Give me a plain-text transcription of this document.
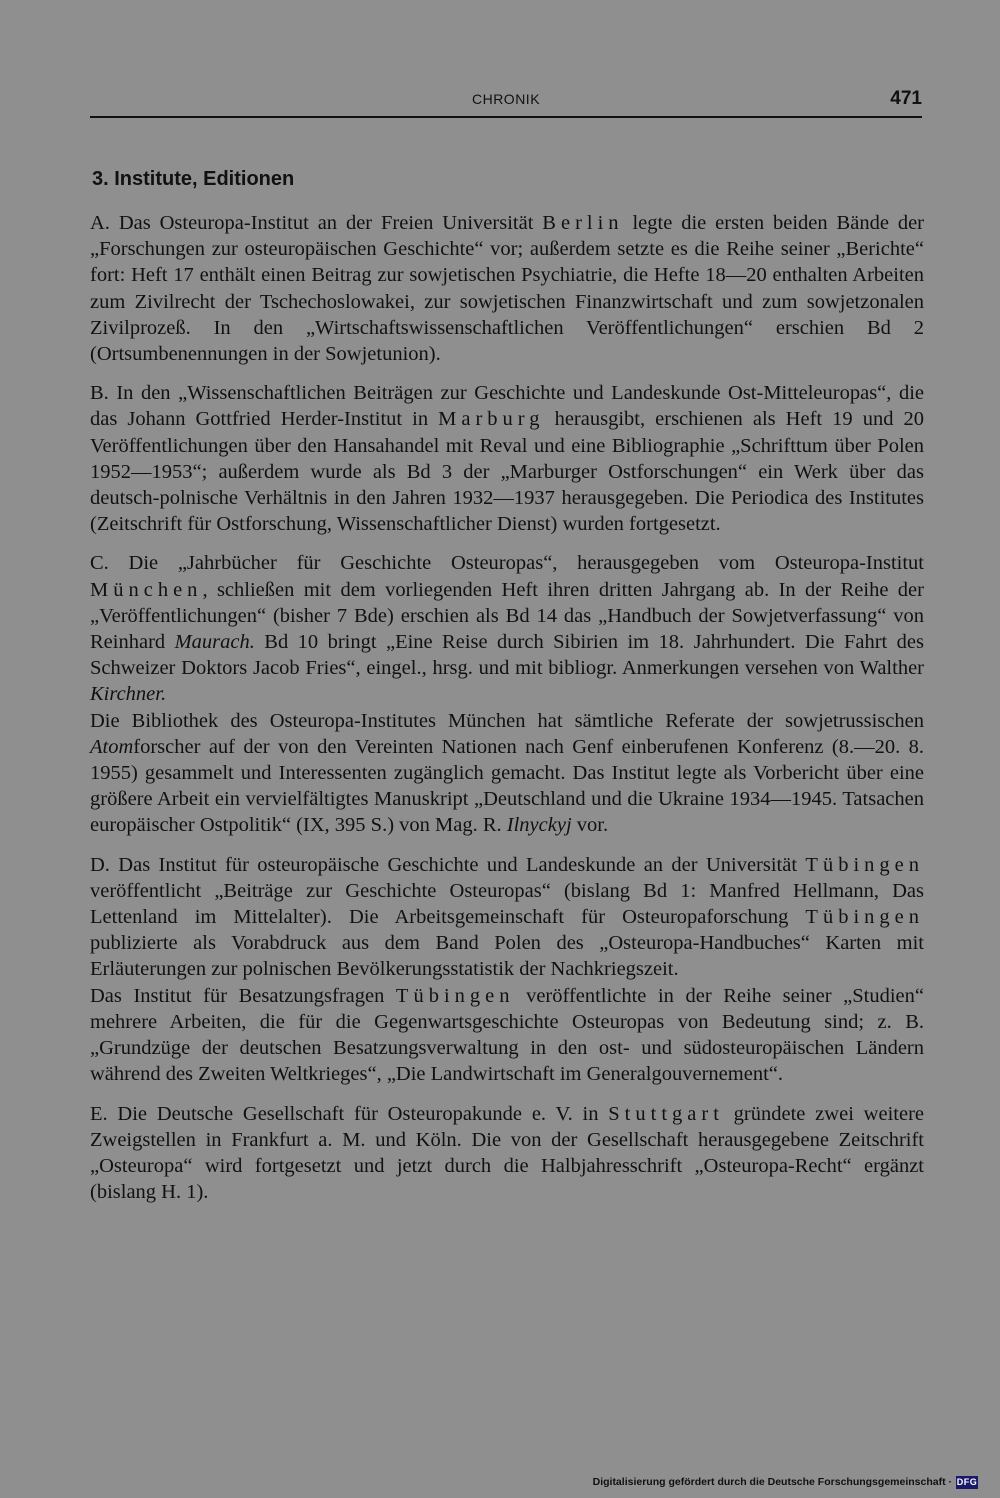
CHRONIK	471
3. Institute, Editionen

A. Das Osteuropa-Institut an der Freien Universität Berlin legte die ersten beiden Bände der „Forschungen zur osteuropäischen Geschichte“ vor; außerdem setzte es die Reihe seiner „Berichte“ fort: Heft 17 enthält einen Beitrag zur sowjetischen Psychiatrie, die Hefte 18—20 enthalten Arbeiten zum Zivilrecht der Tschechoslowakei, zur sowjetischen Finanzwirtschaft und zum sowjetzonalen Zivilprozeß. In den „Wirtschaftswissenschaftlichen Veröffentlichungen“ erschien Bd 2 (Ortsumbenennungen in der Sowjetunion).

B. In den „Wissenschaftlichen Beiträgen zur Geschichte und Landeskunde Ost-Mitteleuropas“, die das Johann Gottfried Herder-Institut in Marburg herausgibt, erschienen als Heft 19 und 20 Veröffentlichungen über den Hansahandel mit Reval und eine Bibliographie „Schrifttum über Polen 1952—1953“; außerdem wurde als Bd 3 der „Marburger Ostforschungen“ ein Werk über das deutsch-polnische Verhältnis in den Jahren 1932—1937 herausgegeben. Die Periodica des Institutes (Zeitschrift für Ostforschung, Wissenschaftlicher Dienst) wurden fortgesetzt.

C. Die „Jahrbücher für Geschichte Osteuropas“, herausgegeben vom Osteuropa-Institut München, schließen mit dem vorliegenden Heft ihren dritten Jahrgang ab. In der Reihe der „Veröffentlichungen“ (bisher 7 Bde) erschien als Bd 14 das „Handbuch der Sowjetverfassung“ von Reinhard Maurach. Bd 10 bringt „Eine Reise durch Sibirien im 18. Jahrhundert. Die Fahrt des Schweizer Doktors Jacob Fries“, eingel., hrsg. und mit bibliogr. Anmerkungen versehen von Walther Kirchner.

Die Bibliothek des Osteuropa-Institutes München hat sämtliche Referate der sowjetrussischen Atomforscher auf der von den Vereinten Nationen nach Genf einberufenen Konferenz (8.—20. 8. 1955) gesammelt und Interessenten zugänglich gemacht. Das Institut legte als Vorbericht über eine größere Arbeit ein vervielfältigtes Manuskript „Deutschland und die Ukraine 1934—1945. Tatsachen europäischer Ostpolitik“ (IX, 395 S.) von Mag. R. Ilnyckyj vor.

D. Das Institut für osteuropäische Geschichte und Landeskunde an der Universität Tübingen veröffentlicht „Beiträge zur Geschichte Osteuropas“ (bislang Bd 1: Manfred Hellmann, Das Lettenland im Mittelalter). Die Arbeitsgemeinschaft für Osteuropaforschung Tübingen publizierte als Vorabdruck aus dem Band Polen des „Osteuropa-Handbuches“ Karten mit Erläuterungen zur polnischen Bevölkerungsstatistik der Nachkriegszeit.

Das Institut für Besatzungsfragen Tübingen veröffentlichte in der Reihe seiner „Studien“ mehrere Arbeiten, die für die Gegenwartsgeschichte Osteuropas von Bedeutung sind; z. B. „Grundzüge der deutschen Besatzungsverwaltung in den ost- und südosteuropäischen Ländern während des Zweiten Weltkrieges“, „Die Landwirtschaft im Generalgouvernement“.

E. Die Deutsche Gesellschaft für Osteuropakunde e. V. in Stuttgart gründete zwei weitere Zweigstellen in Frankfurt a. M. und Köln. Die von der Gesellschaft herausgegebene Zeitschrift „Osteuropa“ wird fortgesetzt und jetzt durch die Halbjahresschrift „Osteuropa-Recht“ ergänzt (bislang H. 1).

Digitalisierung gefördert durch die Deutsche Forschungsgemeinschaft · DFG
